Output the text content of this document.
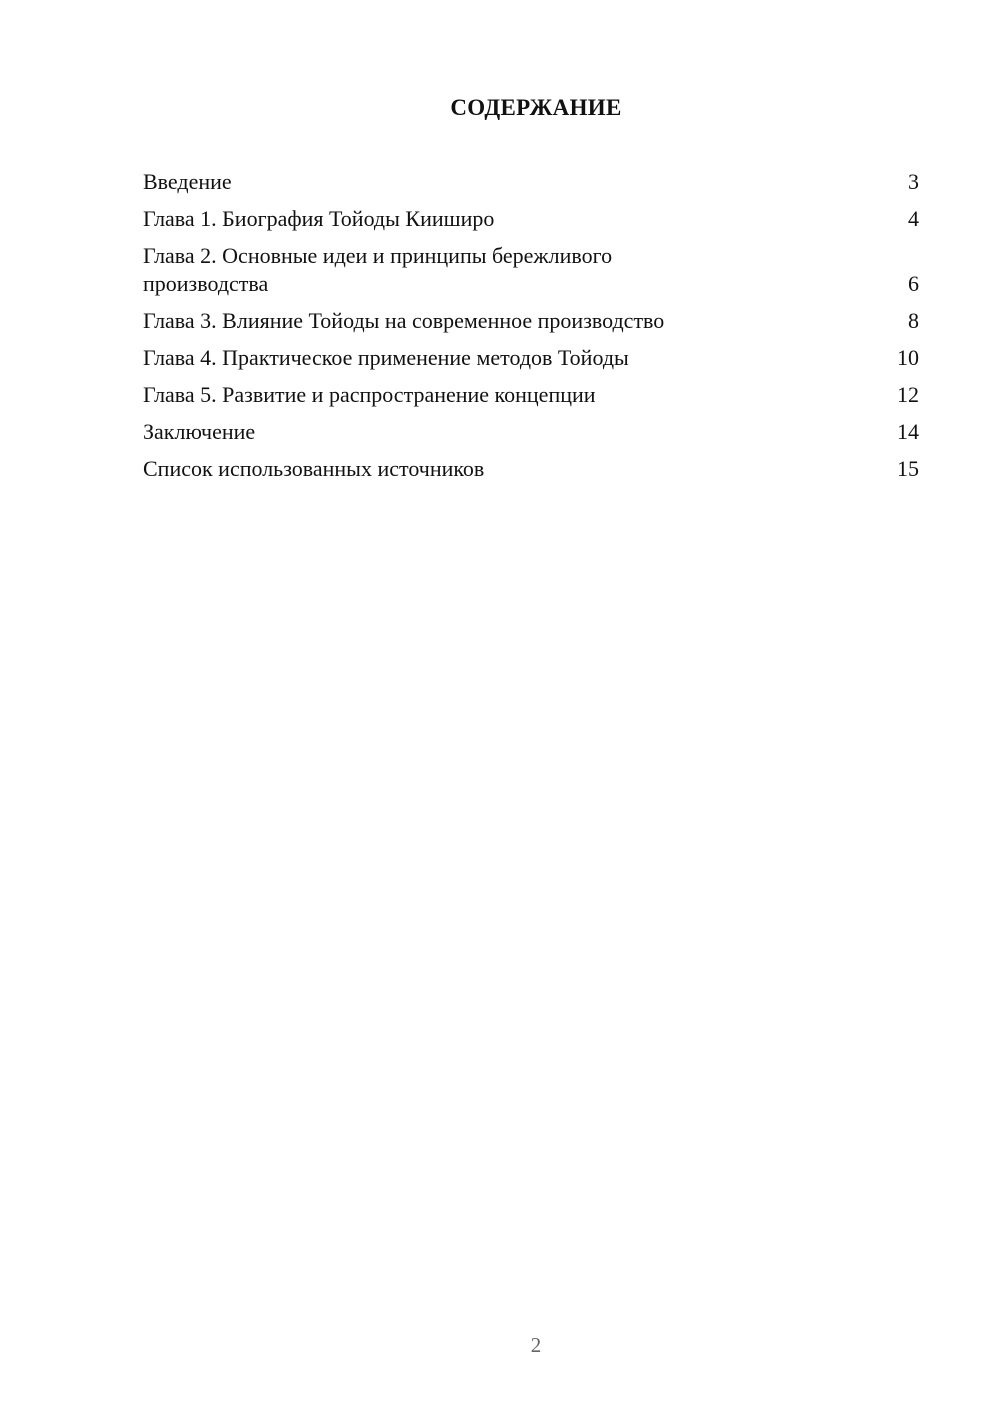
СОДЕРЖАНИЕ
Введение	3
Глава 1. Биография Тойоды Кииширо	4
Глава 2. Основные идеи и принципы бережливого производства	6
Глава 3. Влияние Тойоды на современное производство	8
Глава 4. Практическое применение методов Тойоды	10
Глава 5. Развитие и распространение концепции	12
Заключение	14
Список использованных источников	15
2
